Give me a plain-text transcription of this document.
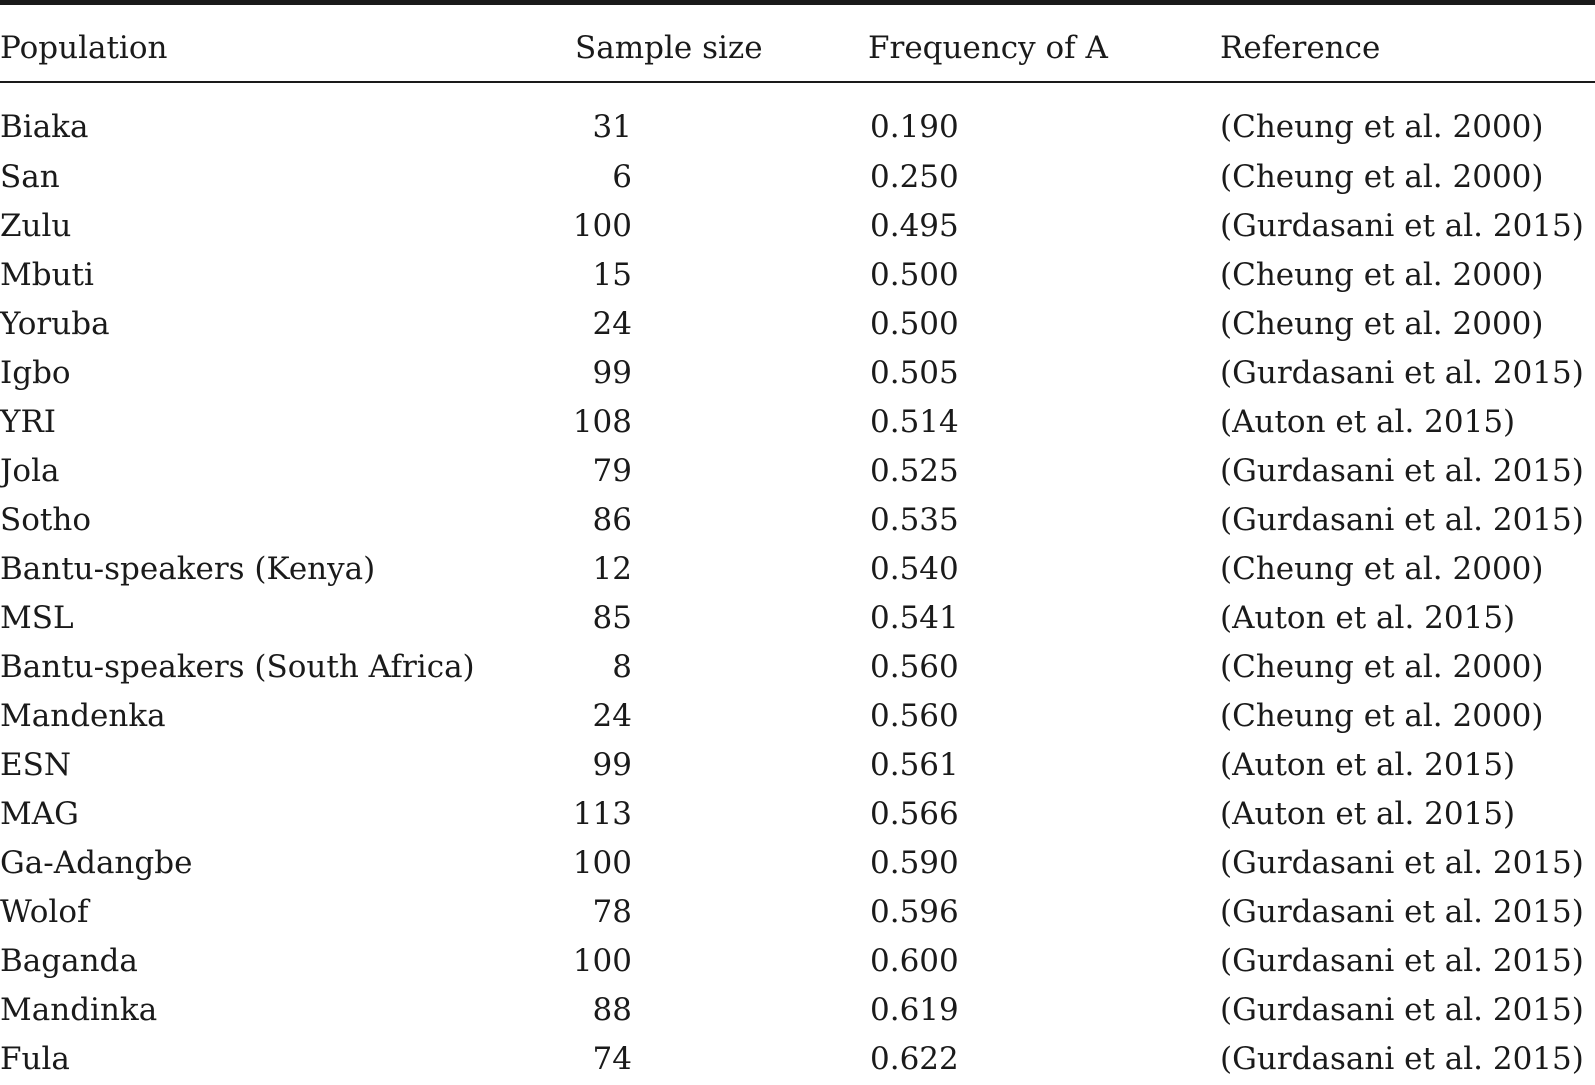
Population	Sample size	Frequency of A	Reference
Biaka	31	0.190	(Cheung et al. 2000)
San	6	0.250	(Cheung et al. 2000)
Zulu	100	0.495	(Gurdasani et al. 2015)
Mbuti	15	0.500	(Cheung et al. 2000)
Yoruba	24	0.500	(Cheung et al. 2000)
Igbo	99	0.505	(Gurdasani et al. 2015)
YRI	108	0.514	(Auton et al. 2015)
Jola	79	0.525	(Gurdasani et al. 2015)
Sotho	86	0.535	(Gurdasani et al. 2015)
Bantu-speakers (Kenya)	12	0.540	(Cheung et al. 2000)
MSL	85	0.541	(Auton et al. 2015)
Bantu-speakers (South Africa)	8	0.560	(Cheung et al. 2000)
Mandenka	24	0.560	(Cheung et al. 2000)
ESN	99	0.561	(Auton et al. 2015)
MAG	113	0.566	(Auton et al. 2015)
Ga-Adangbe	100	0.590	(Gurdasani et al. 2015)
Wolof	78	0.596	(Gurdasani et al. 2015)
Baganda	100	0.600	(Gurdasani et al. 2015)
Mandinka	88	0.619	(Gurdasani et al. 2015)
Fula	74	0.622	(Gurdasani et al. 2015)
